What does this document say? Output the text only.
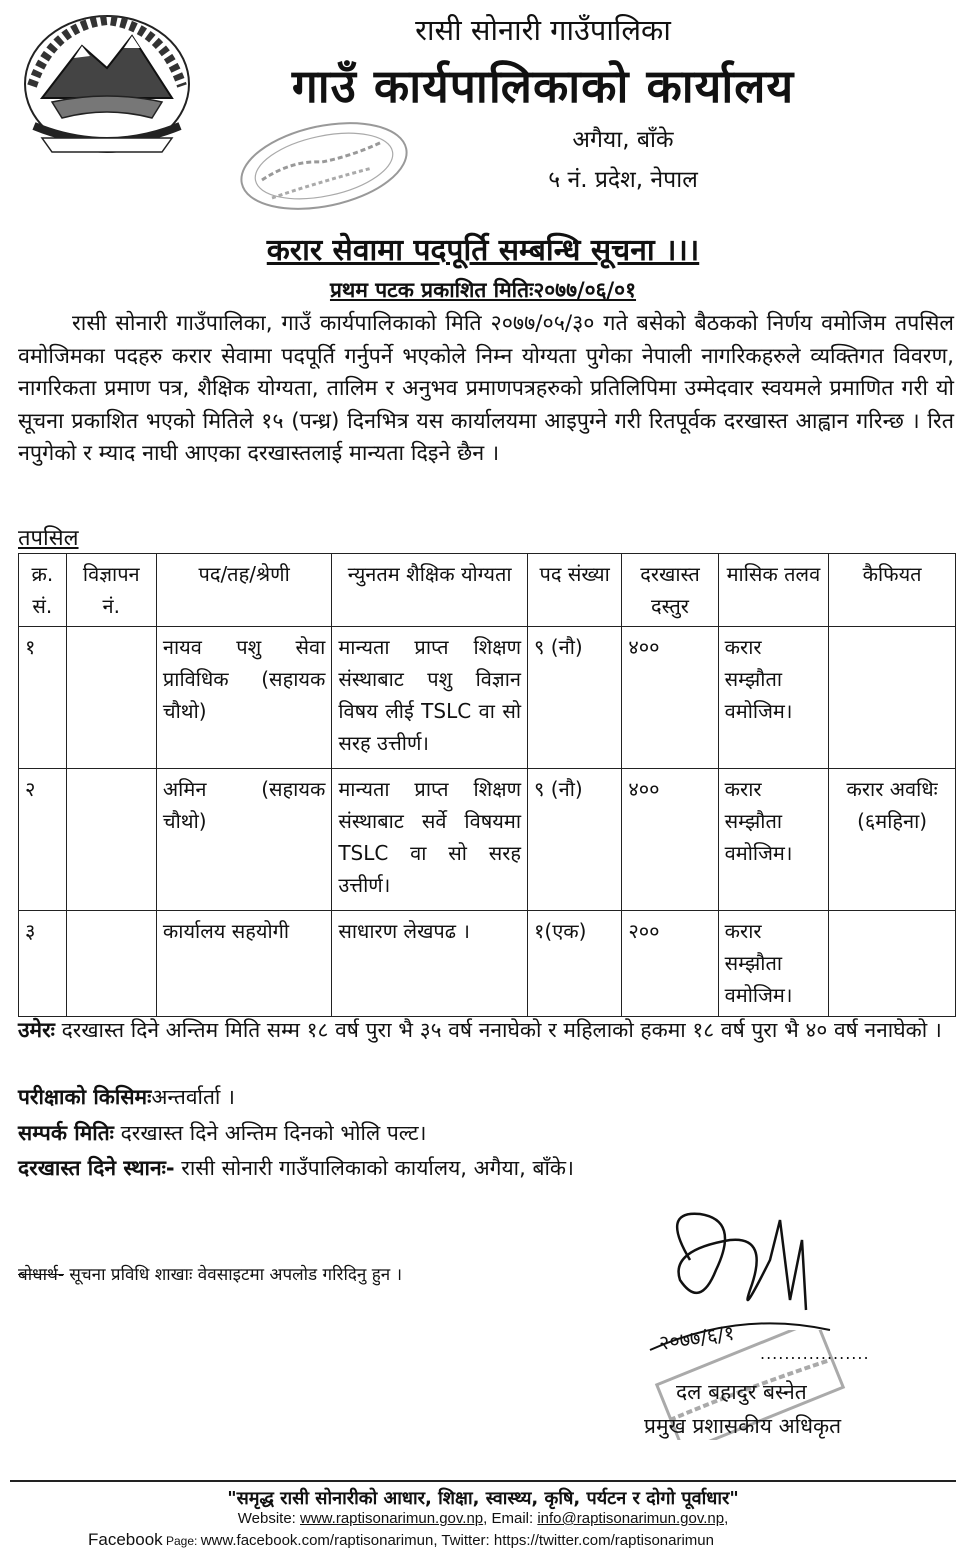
रासी सोनारी गाउँपालिका
गाउँ कार्यपालिकाको कार्यालय
अगैया, बाँके
५ नं. प्रदेश, नेपाल
करार सेवामा पदपूर्ति सम्बन्धि सूचना ।।।
प्रथम पटक प्रकाशित मितिः२०७७/०६/०१
रासी सोनारी गाउँपालिका, गाउँ कार्यपालिकाको मिति २०७७/०५/३० गते बसेको बैठकको निर्णय वमोजिम तपसिल वमोजिमका पदहरु करार सेवामा पदपूर्ति गर्नुपर्ने भएकोले निम्न योग्यता पुगेका नेपाली नागरिकहरुले व्यक्तिगत विवरण, नागरिकता प्रमाण पत्र, शैक्षिक योग्यता, तालिम र अनुभव प्रमाणपत्रहरुको प्रतिलिपिमा उम्मेदवार स्वयमले प्रमाणित गरी यो सूचना प्रकाशित भएको मितिले १५ (पन्ध्र) दिनभित्र यस कार्यालयमा आइपुग्ने गरी रितपूर्वक दरखास्त आह्वान गरिन्छ । रित नपुगेको र म्याद नाघी आएका दरखास्तलाई मान्यता दिइने छैन ।
तपसिल
क्र. सं.	विज्ञापन नं.	पद/तह/श्रेणी	न्युनतम शैक्षिक योग्यता	पद संख्या	दरखास्त दस्तुर	मासिक तलव	कैफियत
१		नायव पशु सेवा प्राविधिक (सहायक चौथो)	मान्यता प्राप्त शिक्षण संस्थाबाट पशु विज्ञान विषय लीई TSLC वा सो सरह उत्तीर्ण।	९ (नौ)	४००	करार सम्झौता वमोजिम।	
२		अमिन (सहायक चौथो)	मान्यता प्राप्त शिक्षण संस्थाबाट सर्वे विषयमा TSLC वा सो सरह उत्तीर्ण।	९ (नौ)	४००	करार सम्झौता वमोजिम।	करार अवधिः (६महिना)
३		कार्यालय सहयोगी	साधारण लेखपढ ।	१(एक)	२००	करार सम्झौता वमोजिम।	
उमेरः दरखास्त दिने अन्तिम मिति सम्म १८ वर्ष पुरा भै ३५ वर्ष ननाघेको र महिलाको हकमा १८ वर्ष पुरा भै ४० वर्ष ननाघेको ।
परीक्षाको किसिमःअन्तर्वार्ता ।
सम्पर्क मितिः दरखास्त दिने अन्तिम दिनको भोलि पल्ट।
दरखास्त दिने स्थानः- रासी सोनारी गाउँपालिकाको कार्यालय, अगैया, बाँके।
बोधार्थ- सूचना प्रविधि शाखाः वेवसाइटमा अपलोड गरिदिनु हुन ।
२०७७/६/१ ..................
दल बहादुर बस्नेत
प्रमुख प्रशासकीय अधिकृत
"समृद्ध रासी सोनारीको आधार, शिक्षा, स्वास्थ्य, कृषि, पर्यटन र दोगो पूर्वाधार"
Website: www.raptisonarimun.gov.np, Email: info@raptisonarimun.gov.np,
Facebook Page: www.facebook.com/raptisonarimun, Twitter: https://twitter.com/raptisonarimun
